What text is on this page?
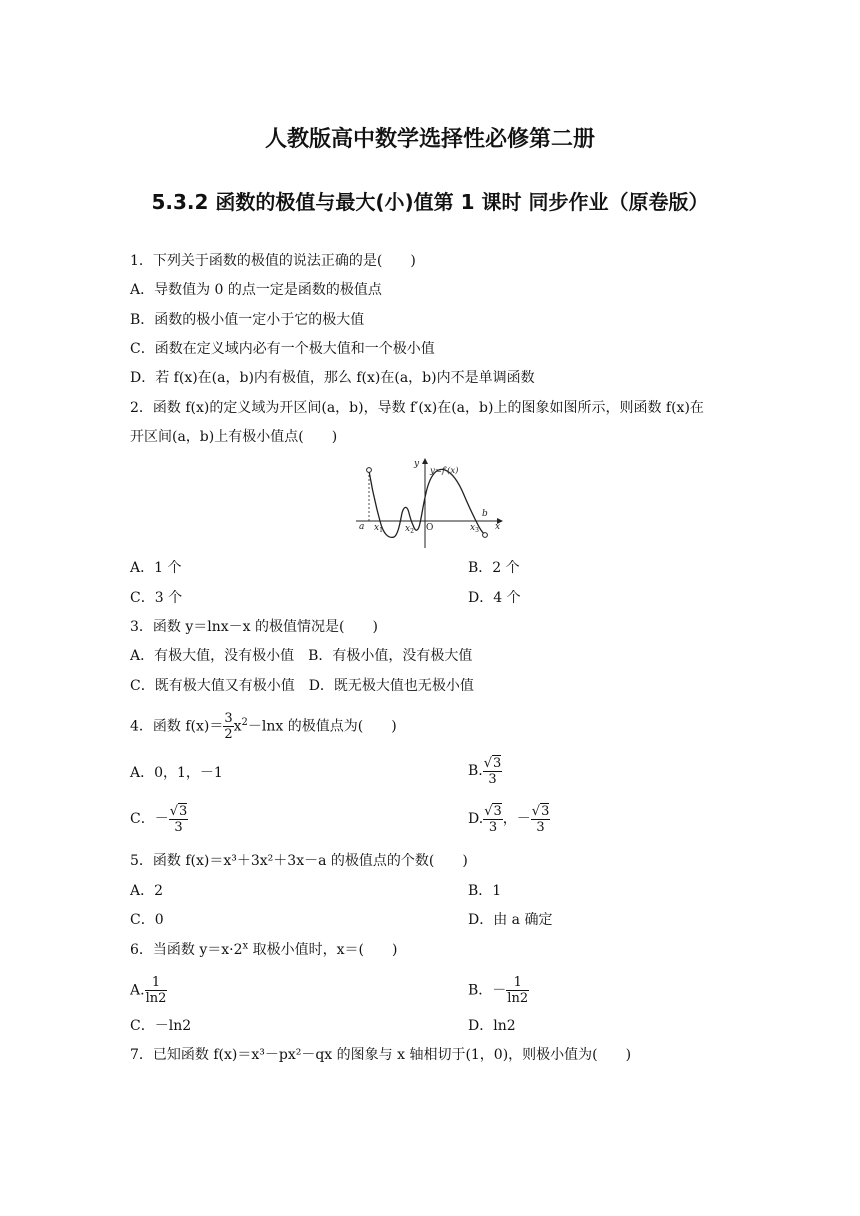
人教版高中数学选择性必修第二册
5.3.2 函数的极值与最大(小)值第 1 课时 同步作业（原卷版）
1．下列关于函数的极值的说法正确的是(　　)
A．导数值为 0 的点一定是函数的极值点
B．函数的极小值一定小于它的极大值
C．函数在定义域内必有一个极大值和一个极小值
D．若 f(x)在(a，b)内有极值，那么 f(x)在(a，b)内不是单调函数
2．函数 f(x)的定义域为开区间(a，b)，导数 f′(x)在(a，b)上的图象如图所示，则函数 f(x)在
开区间(a，b)上有极小值点(　　)
y
x
y=f′(x)
a
b
O
$x_1$ $x_2$	$x_3$
A．1 个	B．2 个
C．3 个	D．4 个
3．函数 y＝lnx－x 的极值情况是(　　)
A．有极大值，没有极小值　B．有极小值，没有极大值
C．既有极大值又有极小值　D．既无极大值也无极小值
4．函数 $f(x)= \frac{3}{2} x^2-\ln x$ 的极值点为(　　)
A．0，1，－1	B. $\frac{√3}{3}$
C．－ $\frac{√3}{3}$	D. $\frac{√3}{3}$ ，－ $\frac{√3}{3}$
5．函数 f(x)＝x³＋3x²＋3x－a 的极值点的个数(　　)
A．2	B．1
C．0	D．由 a 确定
6．当函数 $y=x\cdot 2^x$ 取极小值时，x＝(　　)
A. $\frac{1}{\ln 2}$	B．－ $\frac{1}{\ln 2}$
C．－ln2	D．ln2
7．已知函数 f(x)＝x³－px²－qx 的图象与 x 轴相切于(1，0)，则极小值为(　　)
